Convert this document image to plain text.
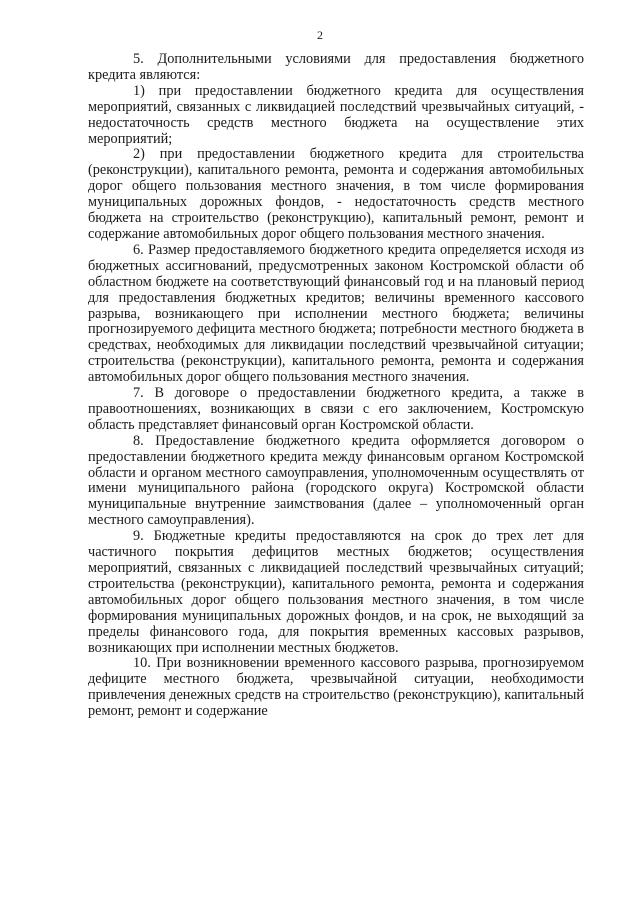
2

5. Дополнительными условиями для предоставления бюджетного кредита являются:

1) при предоставлении бюджетного кредита для осуществления мероприятий, связанных с ликвидацией последствий чрезвычайных ситуаций, - недостаточность средств местного бюджета на осуществление этих мероприятий;

2) при предоставлении бюджетного кредита для строительства (реконструкции), капитального ремонта, ремонта и содержания автомобильных дорог общего пользования местного значения, в том числе формирования муниципальных дорожных фондов, - недостаточность средств местного бюджета на строительство (реконструкцию), капитальный ремонт, ремонт и содержание автомобильных дорог общего пользования местного значения.

6. Размер предоставляемого бюджетного кредита определяется исходя из бюджетных ассигнований, предусмотренных законом Костромской области об областном бюджете на соответствующий финансовый год и на плановый период для предоставления бюджетных кредитов; величины временного кассового разрыва, возникающего при исполнении местного бюджета; величины прогнозируемого дефицита местного бюджета; потребности местного бюджета в средствах, необходимых для ликвидации последствий чрезвычайной ситуации; строительства (реконструкции), капитального ремонта, ремонта и содержания автомобильных дорог общего пользования местного значения.

7. В договоре о предоставлении бюджетного кредита, а также в правоотношениях, возникающих в связи с его заключением, Костромскую область представляет финансовый орган Костромской области.

8. Предоставление бюджетного кредита оформляется договором о предоставлении бюджетного кредита между финансовым органом Костромской области и органом местного самоуправления, уполномоченным осуществлять от имени муниципального района (городского округа) Костромской области муниципальные внутренние заимствования (далее – уполномоченный орган местного самоуправления).

9. Бюджетные кредиты предоставляются на срок до трех лет для частичного покрытия дефицитов местных бюджетов; осуществления мероприятий, связанных с ликвидацией последствий чрезвычайных ситуаций; строительства (реконструкции), капитального ремонта, ремонта и содержания автомобильных дорог общего пользования местного значения, в том числе формирования муниципальных дорожных фондов, и на срок, не выходящий за пределы финансового года, для покрытия временных кассовых разрывов, возникающих при исполнении местных бюджетов.

10. При возникновении временного кассового разрыва, прогнозируемом дефиците местного бюджета, чрезвычайной ситуации, необходимости привлечения денежных средств на строительство (реконструкцию), капитальный ремонт, ремонт и содержание
